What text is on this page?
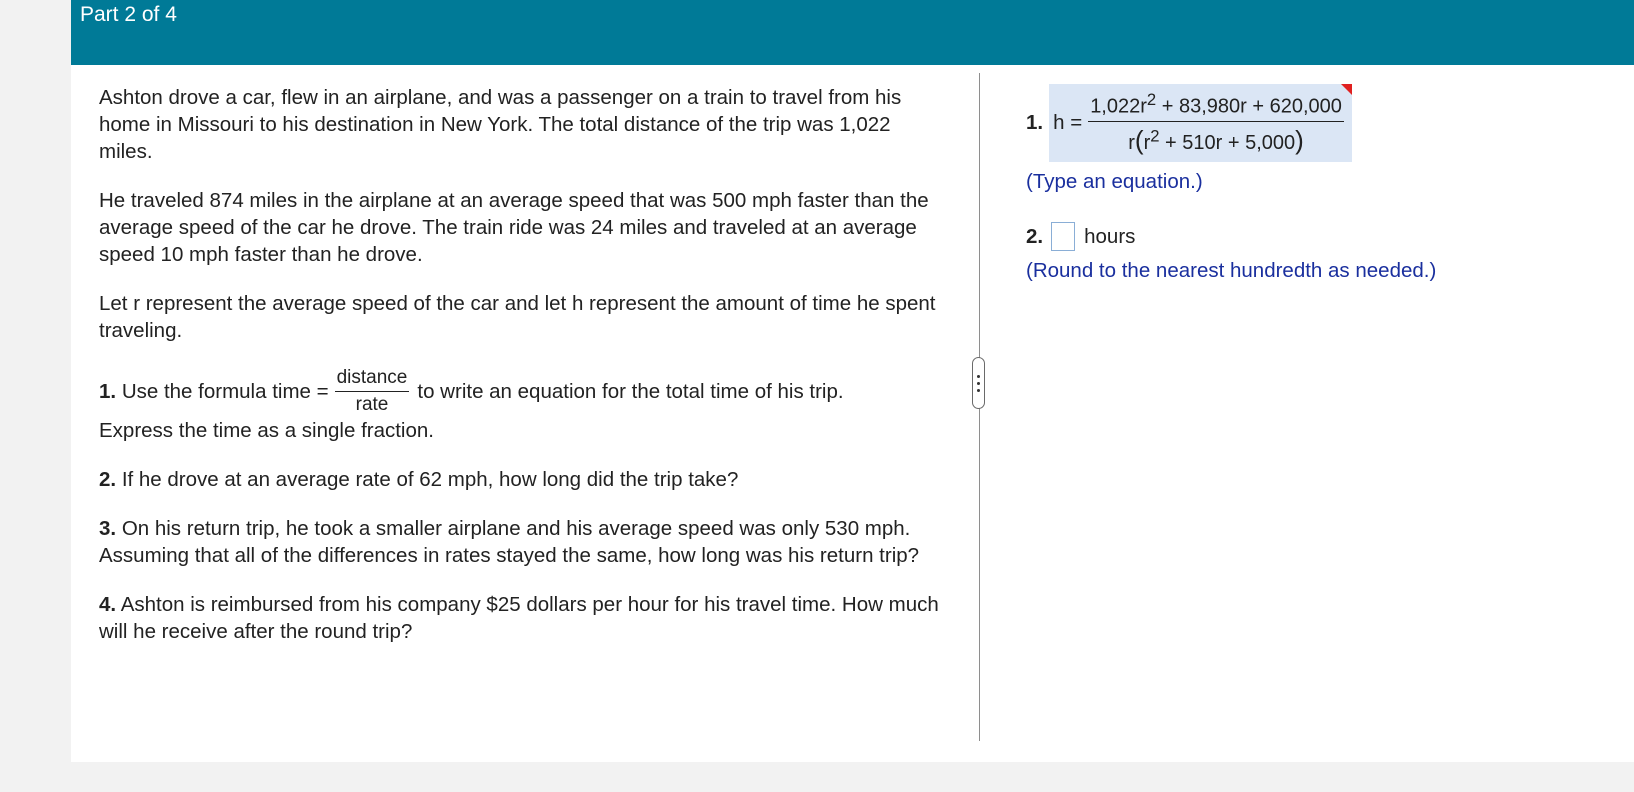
Part 2 of 4

Ashton drove a car, flew in an airplane, and was a passenger on a train to travel from his home in Missouri to his destination in New York. The total distance of the trip was 1,022 miles.

He traveled 874 miles in the airplane at an average speed that was 500 mph faster than the average speed of the car he drove. The train ride was 24 miles and traveled at an average speed 10 mph faster than he drove.

Let r represent the average speed of the car and let h represent the amount of time he spent traveling.

1.
Use the formula time = $\frac{\text{distance}}{\text{rate}}$ to write an equation for the total time of his trip.
Express the time as a single fraction.

2. If he drove at an average rate of 62 mph, how long did the trip take?

3. On his return trip, he took a smaller airplane and his average speed was only 530 mph. Assuming that all of the differences in rates stayed the same, how long was his return trip?

4. Ashton is reimbursed from his company $25 dollars per hour for his travel time. How much will he receive after the round trip?

1. $h = \frac{1,022r^2 + 83,980r + 620,000}{r(r^2 + 510r + 5,000)}$
(Type an equation.)
2. hours
(Round to the nearest hundredth as needed.)
